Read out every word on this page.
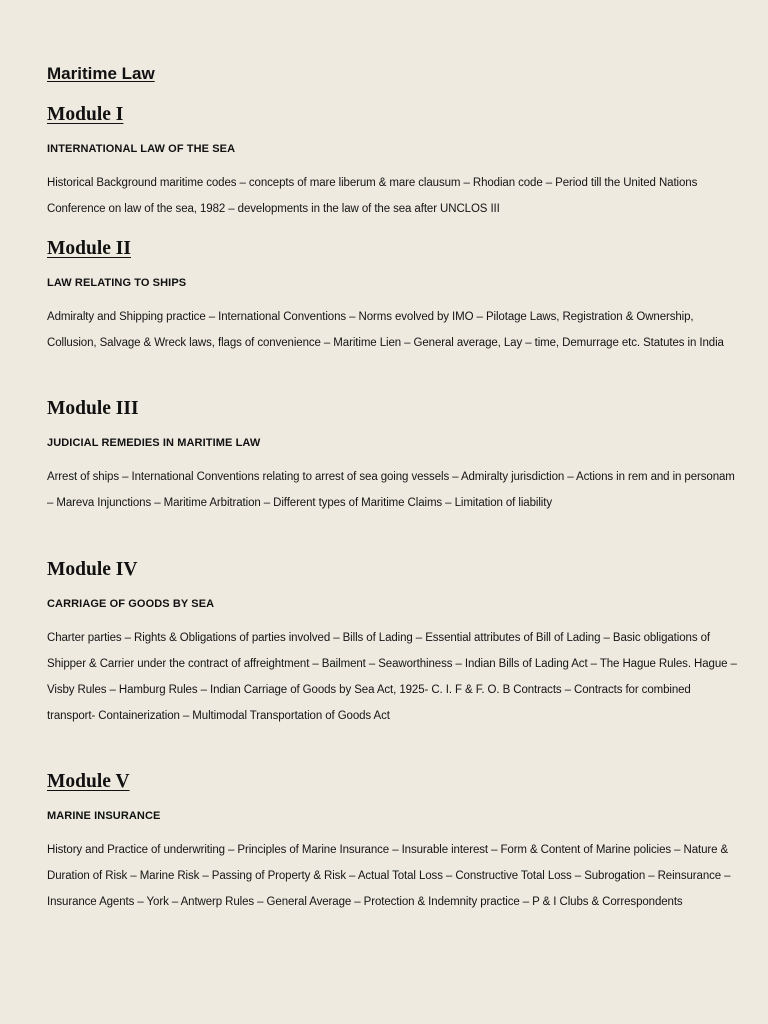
Maritime Law
Module I
INTERNATIONAL LAW OF THE SEA

Historical Background maritime codes – concepts of mare liberum & mare clausum – Rhodian code – Period till the United Nations Conference on law of the sea, 1982 – developments in the law of the sea after UNCLOS III

Module II
LAW RELATING TO SHIPS

Admiralty and Shipping practice – International Conventions – Norms evolved by IMO – Pilotage Laws, Registration & Ownership, Collusion, Salvage & Wreck laws, flags of convenience – Maritime Lien – General average, Lay – time, Demurrage etc. Statutes in India

Module III
JUDICIAL REMEDIES IN MARITIME LAW

Arrest of ships – International Conventions relating to arrest of sea going vessels – Admiralty jurisdiction – Actions in rem and in personam – Mareva Injunctions – Maritime Arbitration – Different types of Maritime Claims – Limitation of liability

Module IV
CARRIAGE OF GOODS BY SEA

Charter parties – Rights & Obligations of parties involved – Bills of Lading – Essential attributes of Bill of Lading – Basic obligations of Shipper & Carrier under the contract of affreightment – Bailment – Seaworthiness – Indian Bills of Lading Act – The Hague Rules. Hague – Visby Rules – Hamburg Rules – Indian Carriage of Goods by Sea Act, 1925- C. I. F & F. O. B Contracts – Contracts for combined transport- Containerization – Multimodal Transportation of Goods Act

Module V
MARINE INSURANCE

History and Practice of underwriting – Principles of Marine Insurance – Insurable interest – Form & Content of Marine policies – Nature & Duration of Risk – Marine Risk – Passing of Property & Risk – Actual Total Loss – Constructive Total Loss – Subrogation – Reinsurance – Insurance Agents – York – Antwerp Rules – General Average – Protection & Indemnity practice – P & I Clubs & Correspondents
